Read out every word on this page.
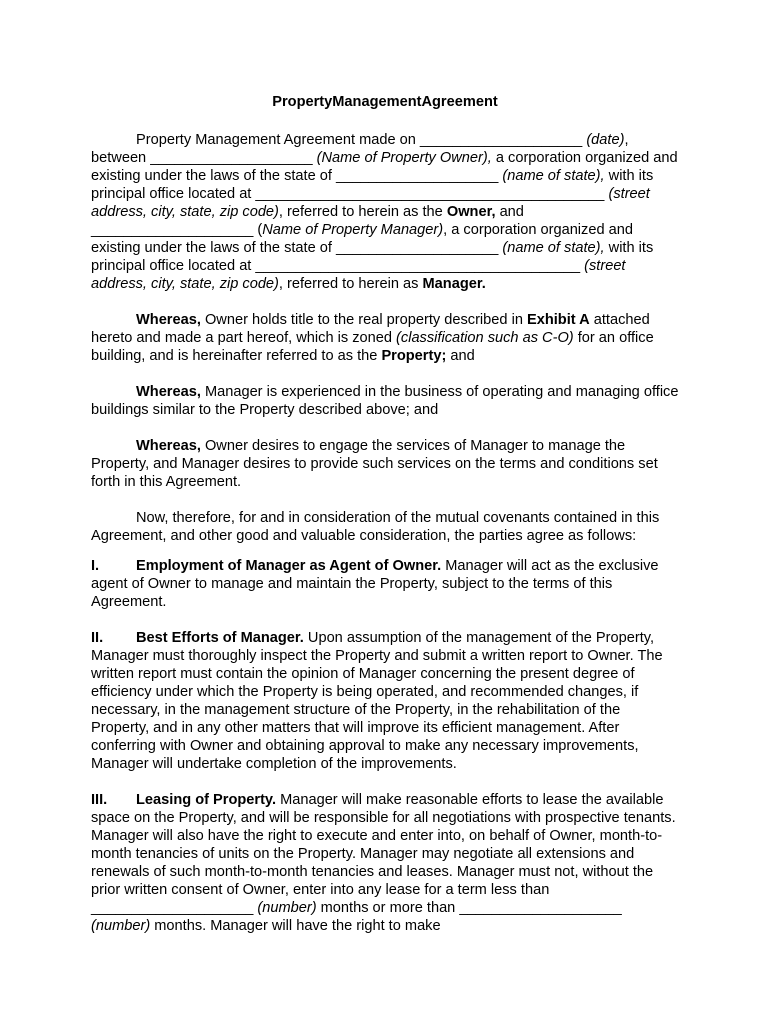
PropertyManagementAgreement

Property Management Agreement made on ____________________ (date), between ____________________ (Name of Property Owner), a corporation organized and existing under the laws of the state of ____________________ (name of state), with its principal office located at ___________________________________________ (street address, city, state, zip code), referred to herein as the Owner, and ____________________ (Name of Property Manager), a corporation organized and existing under the laws of the state of ____________________ (name of state), with its principal office located at ________________________________________ (street address, city, state, zip code), referred to herein as Manager.

Whereas, Owner holds title to the real property described in Exhibit A attached hereto and made a part hereof, which is zoned (classification such as C-O) for an office building, and is hereinafter referred to as the Property; and

Whereas, Manager is experienced in the business of operating and managing office buildings similar to the Property described above; and

Whereas, Owner desires to engage the services of Manager to manage the Property, and Manager desires to provide such services on the terms and conditions set forth in this Agreement.

Now, therefore, for and in consideration of the mutual covenants contained in this Agreement, and other good and valuable consideration, the parties agree as follows:

I.	Employment of Manager as Agent of Owner. Manager will act as the exclusive agent of Owner to manage and maintain the Property, subject to the terms of this Agreement.

II. Best Efforts of Manager. Upon assumption of the management of the Property, Manager must thoroughly inspect the Property and submit a written report to Owner. The written report must contain the opinion of Manager concerning the present degree of efficiency under which the Property is being operated, and recommended changes, if necessary, in the management structure of the Property, in the rehabilitation of the Property, and in any other matters that will improve its efficient management. After conferring with Owner and obtaining approval to make any necessary improvements, Manager will undertake completion of the improvements.

III. Leasing of Property. Manager will make reasonable efforts to lease the available space on the Property, and will be responsible for all negotiations with prospective tenants. Manager will also have the right to execute and enter into, on behalf of Owner, month-to-month tenancies of units on the Property. Manager may negotiate all extensions and renewals of such month-to-month tenancies and leases. Manager must not, without the prior written consent of Owner, enter into any lease for a term less than ____________________ (number) months or more than ____________________ (number) months. Manager will have the right to make
